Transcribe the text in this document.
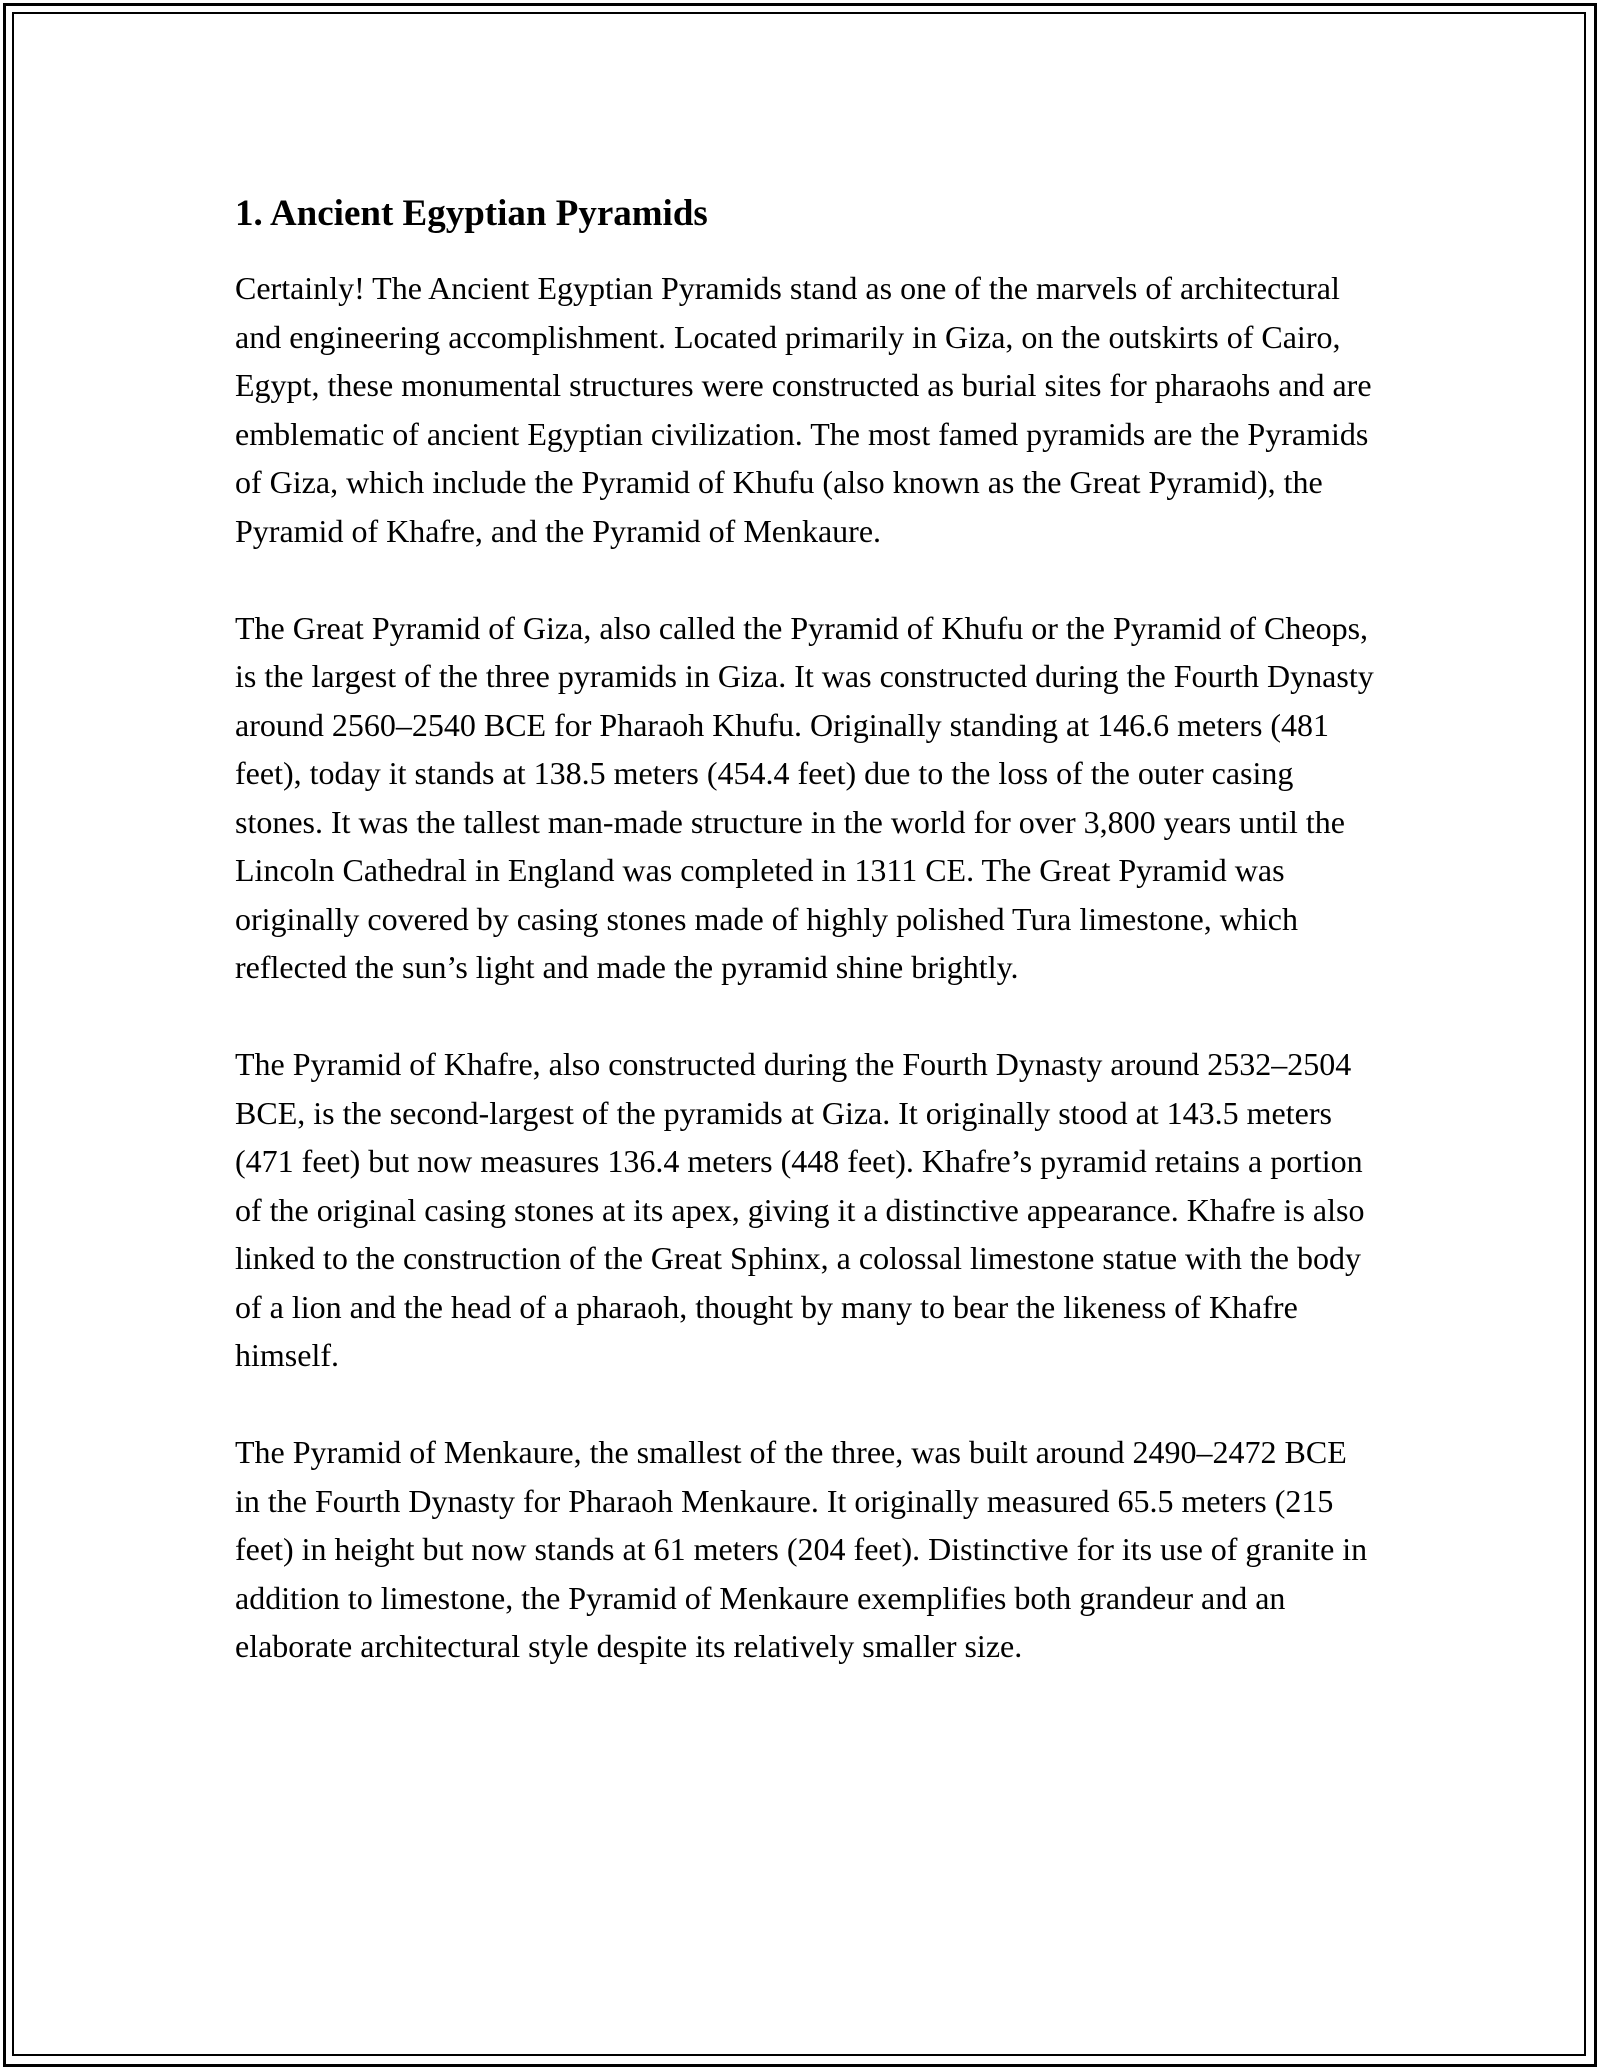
1. Ancient Egyptian Pyramids

Certainly! The Ancient Egyptian Pyramids stand as one of the marvels of architectural and engineering accomplishment. Located primarily in Giza, on the outskirts of Cairo, Egypt, these monumental structures were constructed as burial sites for pharaohs and are emblematic of ancient Egyptian civilization. The most famed pyramids are the Pyramids of Giza, which include the Pyramid of Khufu (also known as the Great Pyramid), the Pyramid of Khafre, and the Pyramid of Menkaure.

The Great Pyramid of Giza, also called the Pyramid of Khufu or the Pyramid of Cheops, is the largest of the three pyramids in Giza. It was constructed during the Fourth Dynasty around 2560–2540 BCE for Pharaoh Khufu. Originally standing at 146.6 meters (481 feet), today it stands at 138.5 meters (454.4 feet) due to the loss of the outer casing stones. It was the tallest man-made structure in the world for over 3,800 years until the Lincoln Cathedral in England was completed in 1311 CE. The Great Pyramid was originally covered by casing stones made of highly polished Tura limestone, which reflected the sun’s light and made the pyramid shine brightly.

The Pyramid of Khafre, also constructed during the Fourth Dynasty around 2532–2504 BCE, is the second-largest of the pyramids at Giza. It originally stood at 143.5 meters (471 feet) but now measures 136.4 meters (448 feet). Khafre’s pyramid retains a portion of the original casing stones at its apex, giving it a distinctive appearance. Khafre is also linked to the construction of the Great Sphinx, a colossal limestone statue with the body of a lion and the head of a pharaoh, thought by many to bear the likeness of Khafre himself.

The Pyramid of Menkaure, the smallest of the three, was built around 2490–2472 BCE in the Fourth Dynasty for Pharaoh Menkaure. It originally measured 65.5 meters (215 feet) in height but now stands at 61 meters (204 feet). Distinctive for its use of granite in addition to limestone, the Pyramid of Menkaure exemplifies both grandeur and an elaborate architectural style despite its relatively smaller size.
